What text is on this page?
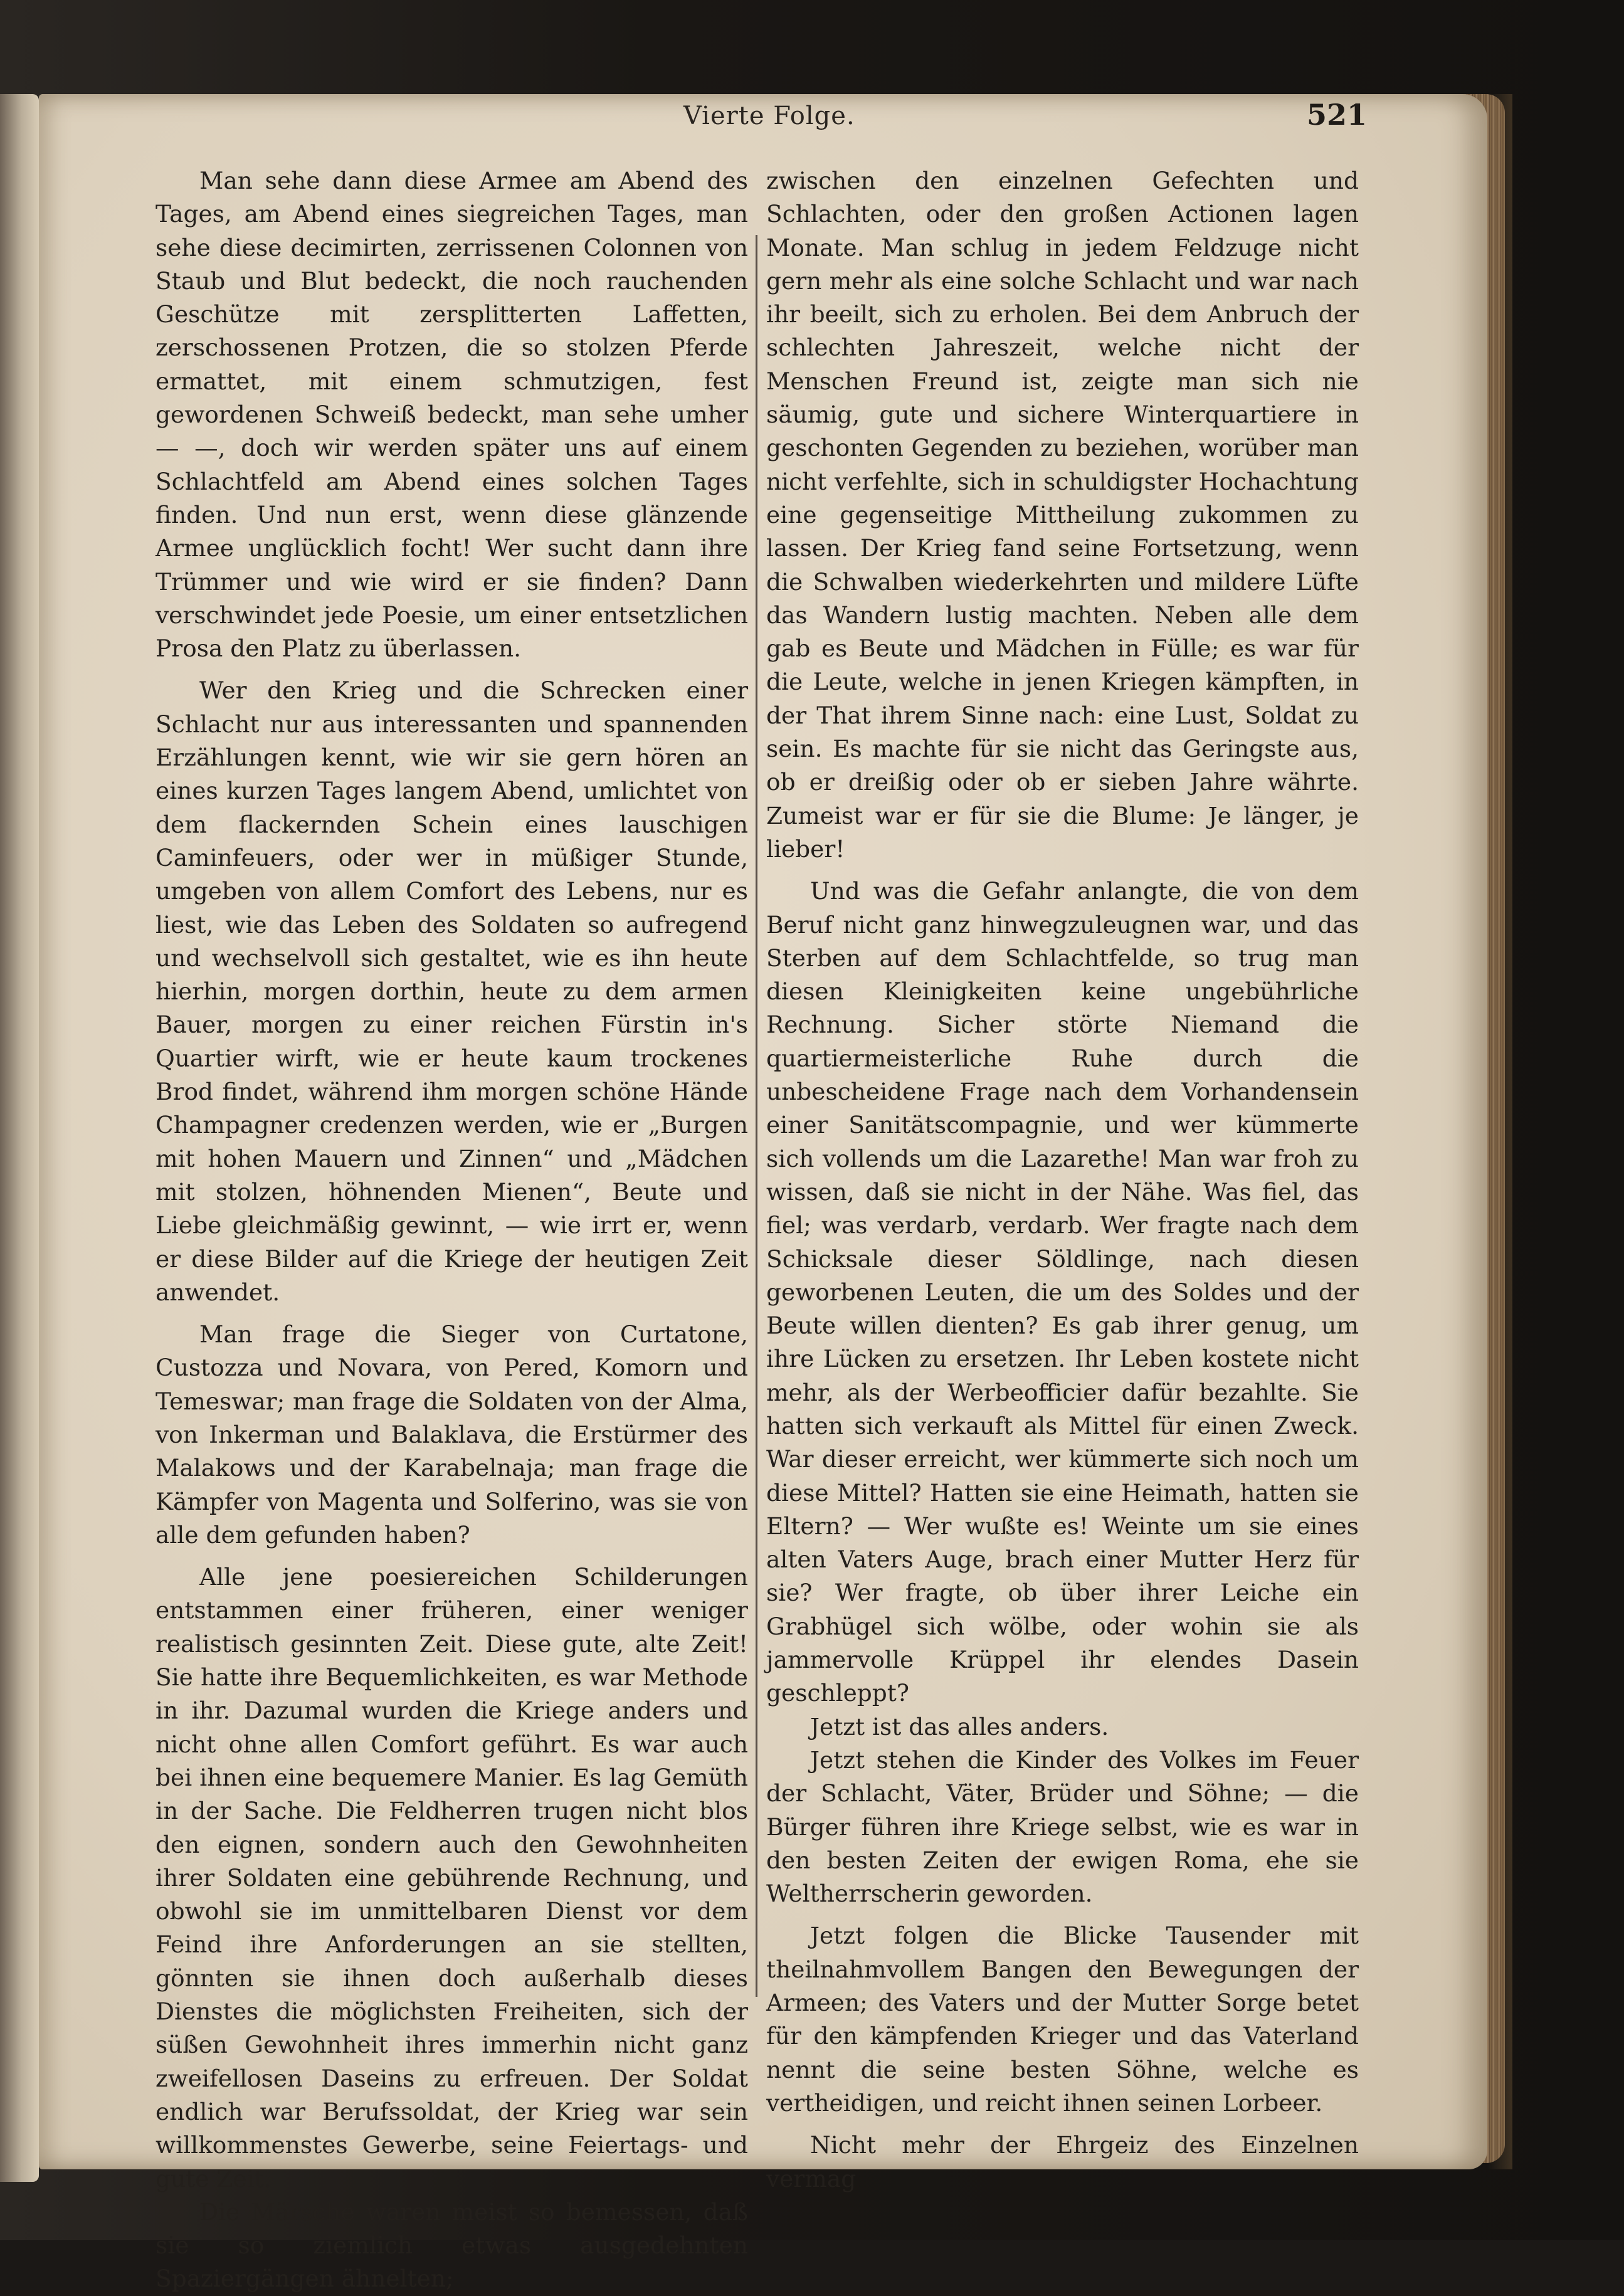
Vierte Folge.	521

Man sehe dann diese Armee am Abend des Tages, am Abend eines siegreichen Tages, man sehe diese decimirten, zerrissenen Colonnen von Staub und Blut bedeckt, die noch rauchenden Geschütze mit zersplitterten Laffetten, zerschossenen Protzen, die so stolzen Pferde ermattet, mit einem schmutzigen, fest gewordenen Schweiß bedeckt, man sehe umher — —, doch wir werden später uns auf einem Schlachtfeld am Abend eines solchen Tages finden. Und nun erst, wenn diese glänzende Armee unglücklich focht! Wer sucht dann ihre Trümmer und wie wird er sie finden? Dann verschwindet jede Poesie, um einer entsetzlichen Prosa den Platz zu überlassen.

Wer den Krieg und die Schrecken einer Schlacht nur aus interessanten und spannenden Erzählungen kennt, wie wir sie gern hören an eines kurzen Tages langem Abend, umlichtet von dem flackernden Schein eines lauschigen Caminfeuers, oder wer in müßiger Stunde, umgeben von allem Comfort des Lebens, nur es liest, wie das Leben des Soldaten so aufregend und wechselvoll sich gestaltet, wie es ihn heute hierhin, morgen dorthin, heute zu dem armen Bauer, morgen zu einer reichen Fürstin in's Quartier wirft, wie er heute kaum trockenes Brod findet, während ihm morgen schöne Hände Champagner credenzen werden, wie er „Burgen mit hohen Mauern und Zinnen“ und „Mädchen mit stolzen, höhnenden Mienen“, Beute und Liebe gleichmäßig gewinnt, — wie irrt er, wenn er diese Bilder auf die Kriege der heutigen Zeit anwendet.

Man frage die Sieger von Curtatone, Custozza und Novara, von Pered, Komorn und Temeswar; man frage die Soldaten von der Alma, von Inkerman und Balaklava, die Erstürmer des Malakows und der Karabelnaja; man frage die Kämpfer von Magenta und Solferino, was sie von alle dem gefunden haben?

Alle jene poesiereichen Schilderungen entstammen einer früheren, einer weniger realistisch gesinnten Zeit. Diese gute, alte Zeit! Sie hatte ihre Bequemlichkeiten, es war Methode in ihr. Dazumal wurden die Kriege anders und nicht ohne allen Comfort geführt. Es war auch bei ihnen eine bequemere Manier. Es lag Gemüth in der Sache. Die Feldherren trugen nicht blos den eignen, sondern auch den Gewohnheiten ihrer Soldaten eine gebührende Rechnung, und obwohl sie im unmittelbaren Dienst vor dem Feind ihre Anforderungen an sie stellten, gönnten sie ihnen doch außerhalb dieses Dienstes die möglichsten Freiheiten, sich der süßen Gewohnheit ihres immerhin nicht ganz zweifellosen Daseins zu erfreuen. Der Soldat endlich war Berufssoldat, der Krieg war sein willkommenstes Gewerbe, seine Feiertags- und gute Zeit.

Die Märsche waren meist so bemessen, daß sie so ziemlich etwas ausgedehnten Spaziergängen ähnelten;

zwischen den einzelnen Gefechten und Schlachten, oder den großen Actionen lagen Monate. Man schlug in jedem Feldzuge nicht gern mehr als eine solche Schlacht und war nach ihr beeilt, sich zu erholen. Bei dem Anbruch der schlechten Jahreszeit, welche nicht der Menschen Freund ist, zeigte man sich nie säumig, gute und sichere Winterquartiere in geschonten Gegenden zu beziehen, worüber man nicht verfehlte, sich in schuldigster Hochachtung eine gegenseitige Mittheilung zukommen zu lassen. Der Krieg fand seine Fortsetzung, wenn die Schwalben wiederkehrten und mildere Lüfte das Wandern lustig machten. Neben alle dem gab es Beute und Mädchen in Fülle; es war für die Leute, welche in jenen Kriegen kämpften, in der That ihrem Sinne nach: eine Lust, Soldat zu sein. Es machte für sie nicht das Geringste aus, ob er dreißig oder ob er sieben Jahre währte. Zumeist war er für sie die Blume: Je länger, je lieber!

Und was die Gefahr anlangte, die von dem Beruf nicht ganz hinwegzuleugnen war, und das Sterben auf dem Schlachtfelde, so trug man diesen Kleinigkeiten keine ungebührliche Rechnung. Sicher störte Niemand die quartiermeisterliche Ruhe durch die unbescheidene Frage nach dem Vorhandensein einer Sanitätscompagnie, und wer kümmerte sich vollends um die Lazarethe! Man war froh zu wissen, daß sie nicht in der Nähe. Was fiel, das fiel; was verdarb, verdarb. Wer fragte nach dem Schicksale dieser Söldlinge, nach diesen geworbenen Leuten, die um des Soldes und der Beute willen dienten? Es gab ihrer genug, um ihre Lücken zu ersetzen. Ihr Leben kostete nicht mehr, als der Werbeofficier dafür bezahlte. Sie hatten sich verkauft als Mittel für einen Zweck. War dieser erreicht, wer kümmerte sich noch um diese Mittel? Hatten sie eine Heimath, hatten sie Eltern? — Wer wußte es! Weinte um sie eines alten Vaters Auge, brach einer Mutter Herz für sie? Wer fragte, ob über ihrer Leiche ein Grabhügel sich wölbe, oder wohin sie als jammervolle Krüppel ihr elendes Dasein geschleppt?

Jetzt ist das alles anders.

Jetzt stehen die Kinder des Volkes im Feuer der Schlacht, Väter, Brüder und Söhne; — die Bürger führen ihre Kriege selbst, wie es war in den besten Zeiten der ewigen Roma, ehe sie Weltherrscherin geworden.

Jetzt folgen die Blicke Tausender mit theilnahmvollem Bangen den Bewegungen der Armeen; des Vaters und der Mutter Sorge betet für den kämpfenden Krieger und das Vaterland nennt die seine besten Söhne, welche es vertheidigen, und reicht ihnen seinen Lorbeer.

Nicht mehr der Ehrgeiz des Einzelnen vermag
